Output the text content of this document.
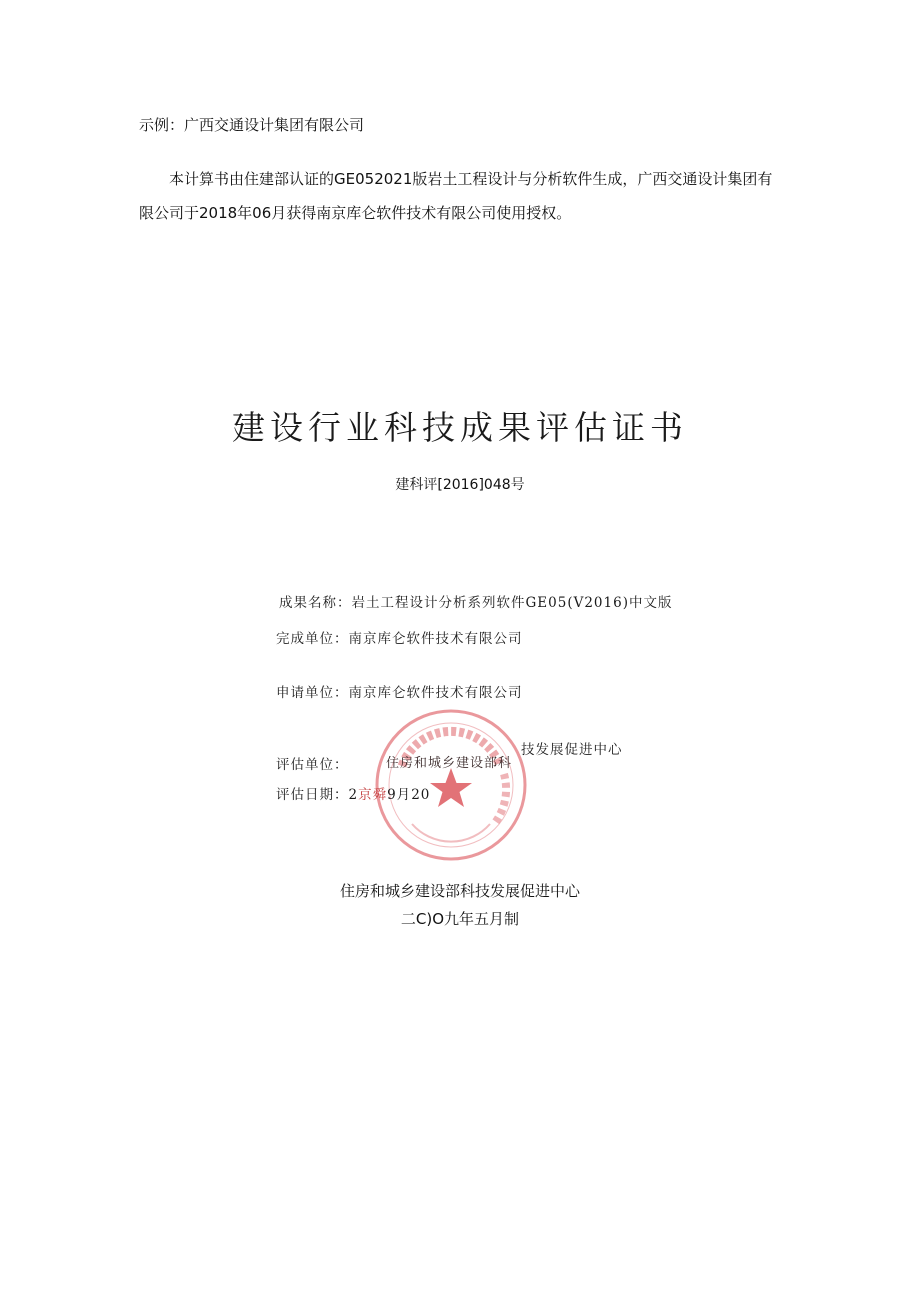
示例：广西交通设计集团有限公司
本计算书由住建部认证的GE052021版岩土工程设计与分析软件生成，广西交通设计集团有限公司于2018年06月获得南京库仑软件技术有限公司使用授权。
建设行业科技成果评估证书
建科评[2016]048号
成果名称：岩土工程设计分析系列软件GE05(V2016)中文版
完成单位：南京库仑软件技术有限公司
申请单位：南京库仑软件技术有限公司
评估单位：	住房和城乡建设部科
技发展促进中心
评估日期：2京舜9月20
住房和城乡建设部科技发展促进中心
二C)O九年五月制
